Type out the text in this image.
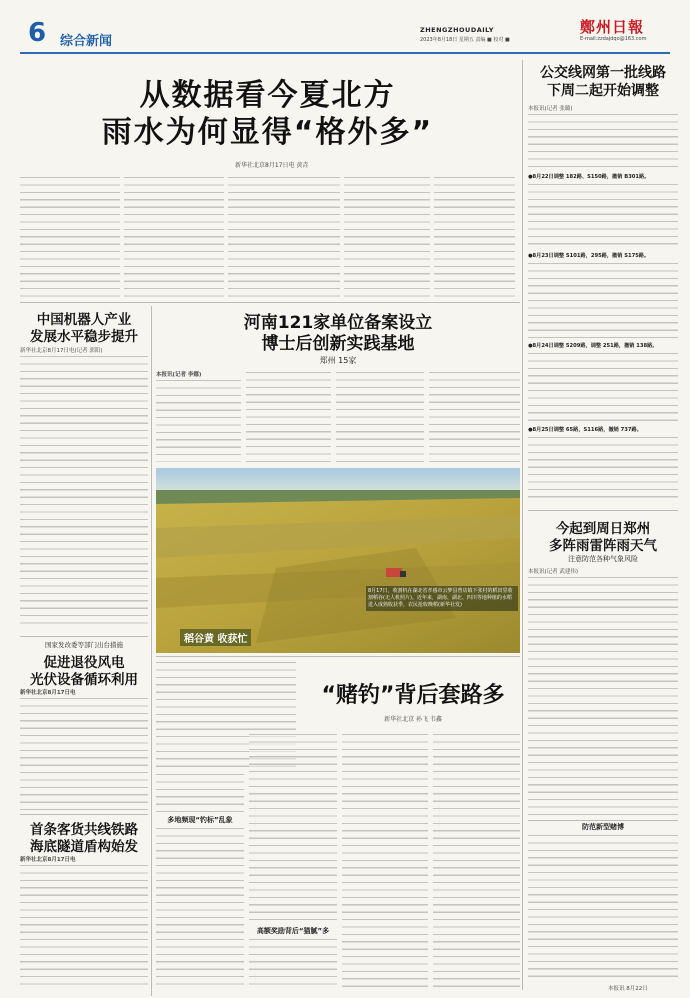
6 综合新闻
ZHENGZHOUDAILY
2023年8月18日 星期五 责编 ■ 校对 ■	E-mail:zzdajdqo@163.com
鄭州日報
从数据看今夏北方
雨水为何显得“格外多”
新华社北京8月17日电 黄垚
公交线网第一批线路
下周二起开始调整
本报讯(记者 张璐)
●8月22日调整 182路、S150路，撤销 B301路。
●8月23日调整 S101路，295路，撤销 S175路。
●8月24日调整 5209路，调整 251路，撤销 138路。
●8月25日调整 65路，S116路，撤销 737路。
今起到周日郑州
多阵雨雷阵雨天气
注意防范各种气象风险
本报讯(记者 武建伟)
中国机器人产业
发展水平稳步提升
新华社北京8月17日电(记者 郭阳)
河南121家单位备案设立
博士后创新实践基地
郑州 15家
本报讯(记者 李娜)
稻谷黄 收获忙
8月17日，收割机在湖北省孝感市云梦县曾店镇下张村的稻田里收割稻谷(无人机照片)。近年来，湖南、湖北、四川等地种植的水稻进入成熟收获季，农民抢收晚稻(新华社发)
国家发改委等部门出台措施
促进退役风电
光伏设备循环利用
新华社北京8月17日电
首条客货共线铁路
海底隧道盾构始发
新华社北京8月17日电
“赌钓”背后套路多
新华社北京 孙飞 韦鑫
多地频现“钓标”乱象
高额奖励背后“猫腻”多
防范新型赌博
本报讯 8月22日
